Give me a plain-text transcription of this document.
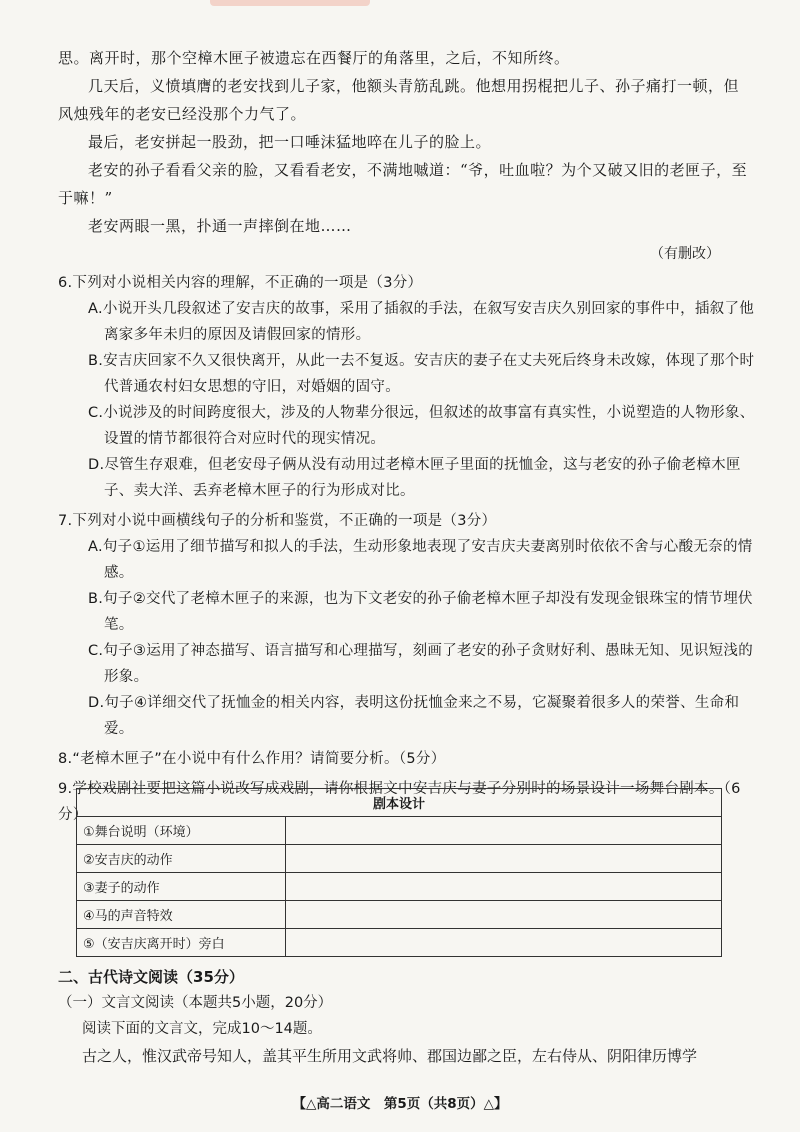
思。离开时，那个空樟木匣子被遗忘在西餐厅的角落里，之后，不知所终。

几天后，义愤填膺的老安找到儿子家，他额头青筋乱跳。他想用拐棍把儿子、孙子痛打一顿，但风烛残年的老安已经没那个力气了。

最后，老安拼起一股劲，把一口唾沫猛地啐在儿子的脸上。

老安的孙子看看父亲的脸，又看看老安，不满地嘁道：“爷，吐血啦？为个又破又旧的老匣子，至于嘛！”

老安两眼一黑，扑通一声摔倒在地……

（有删改）
6.下列对小说相关内容的理解，不正确的一项是（3分）
A.小说开头几段叙述了安吉庆的故事，采用了插叙的手法，在叙写安吉庆久别回家的事件中，插叙了他离家多年未归的原因及请假回家的情形。
B.安吉庆回家不久又很快离开，从此一去不复返。安吉庆的妻子在丈夫死后终身未改嫁，体现了那个时代普通农村妇女思想的守旧，对婚姻的固守。
C.小说涉及的时间跨度很大，涉及的人物辈分很远，但叙述的故事富有真实性，小说塑造的人物形象、设置的情节都很符合对应时代的现实情况。
D.尽管生存艰难，但老安母子俩从没有动用过老樟木匣子里面的抚恤金，这与老安的孙子偷老樟木匣子、卖大洋、丢弃老樟木匣子的行为形成对比。
7.下列对小说中画横线句子的分析和鉴赏，不正确的一项是（3分）
A.句子①运用了细节描写和拟人的手法，生动形象地表现了安吉庆夫妻离别时依依不舍与心酸无奈的情感。
B.句子②交代了老樟木匣子的来源，也为下文老安的孙子偷老樟木匣子却没有发现金银珠宝的情节埋伏笔。
C.句子③运用了神态描写、语言描写和心理描写，刻画了老安的孙子贪财好利、愚昧无知、见识短浅的形象。
D.句子④详细交代了抚恤金的相关内容，表明这份抚恤金来之不易，它凝聚着很多人的荣誉、生命和爱。
8.“老樟木匣子”在小说中有什么作用？请简要分析。（5分）
9.学校戏剧社要把这篇小说改写成戏剧，请你根据文中安吉庆与妻子分别时的场景设计一场舞台剧本。（6分）
剧本设计	
①舞台说明（环境）	
②安吉庆的动作	
③妻子的动作	
④马的声音特效	
⑤（安吉庆离开时）旁白	
二、古代诗文阅读（35分）
（一）文言文阅读（本题共5小题，20分）
阅读下面的文言文，完成10～14题。
古之人，惟汉武帝号知人，盖其平生所用文武将帅、郡国边鄙之臣，左右侍从、阴阳律历博学
【△高二语文　第5页（共8页）△】
